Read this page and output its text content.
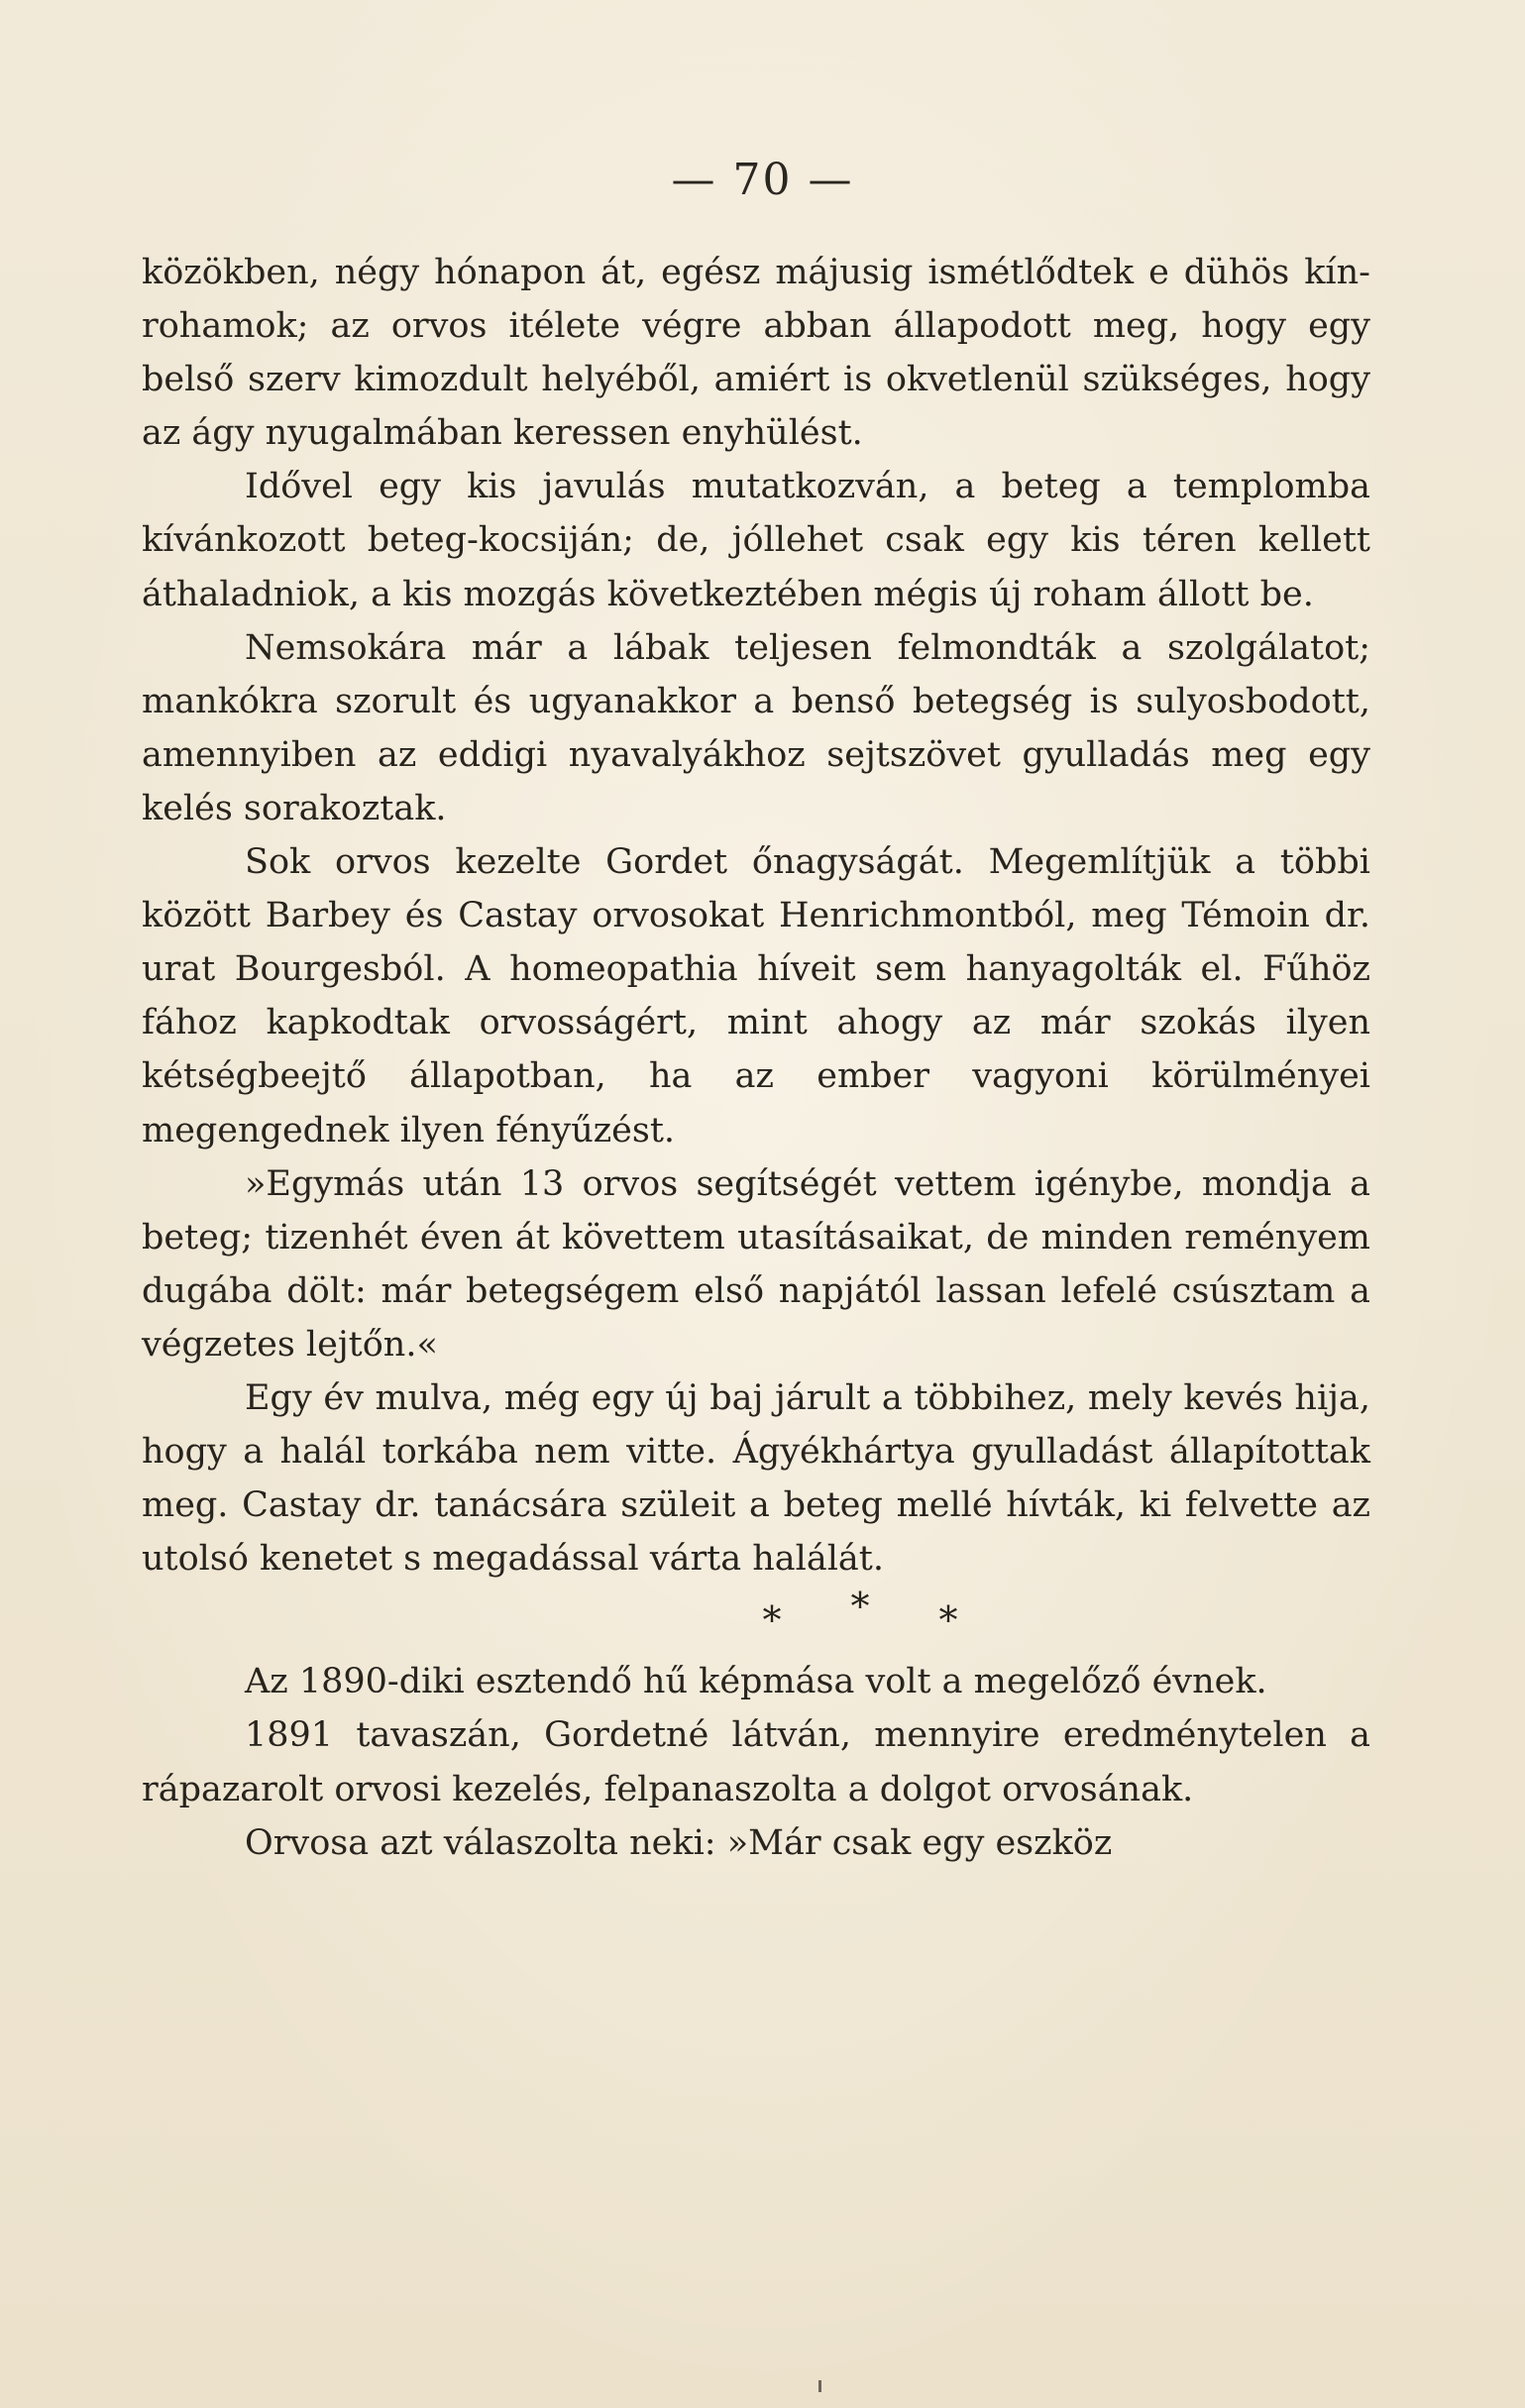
— 70 —

közökben, négy hónapon át, egész májusig ismétlődtek e dühös kín-rohamok; az orvos itélete végre abban állapodott meg, hogy egy belső szerv kimozdult helyéből, amiért is okvetlenül szükséges, hogy az ágy nyugalmában keressen enyhülést.

Idővel egy kis javulás mutatkozván, a beteg a templomba kívánkozott beteg-kocsiján; de, jóllehet csak egy kis téren kellett áthaladniok, a kis mozgás következtében mégis új roham állott be.

Nemsokára már a lábak teljesen felmondták a szolgálatot; mankókra szorult és ugyanakkor a benső betegség is sulyosbodott, amennyiben az eddigi nyavalyákhoz sejtszövet gyulladás meg egy kelés sorakoztak.

Sok orvos kezelte Gordet őnagyságát. Megemlítjük a többi között Barbey és Castay orvosokat Henrichmontból, meg Témoin dr. urat Bourgesból. A homeopathia híveit sem hanyagolták el. Fűhöz fához kapkodtak orvosságért, mint ahogy az már szokás ilyen kétségbeejtő állapotban, ha az ember vagyoni körülményei megengednek ilyen fényűzést.

»Egymás után 13 orvos segítségét vettem igénybe, mondja a beteg; tizenhét éven át követtem utasításaikat, de minden reményem dugába dölt: már betegségem első napjától lassan lefelé csúsztam a végzetes lejtőn.«

Egy év mulva, még egy új baj járult a többihez, mely kevés hija, hogy a halál torkába nem vitte. Ágyékhártya gyulladást állapítottak meg. Castay dr. tanácsára szüleit a beteg mellé hívták, ki felvette az utolsó kenetet s megadással várta halálát.

* * *

Az 1890-diki esztendő hű képmása volt a megelőző évnek.

1891 tavaszán, Gordetné látván, mennyire eredménytelen a rápazarolt orvosi kezelés, felpanaszolta a dolgot orvosának.

Orvosa azt válaszolta neki: »Már csak egy eszköz
